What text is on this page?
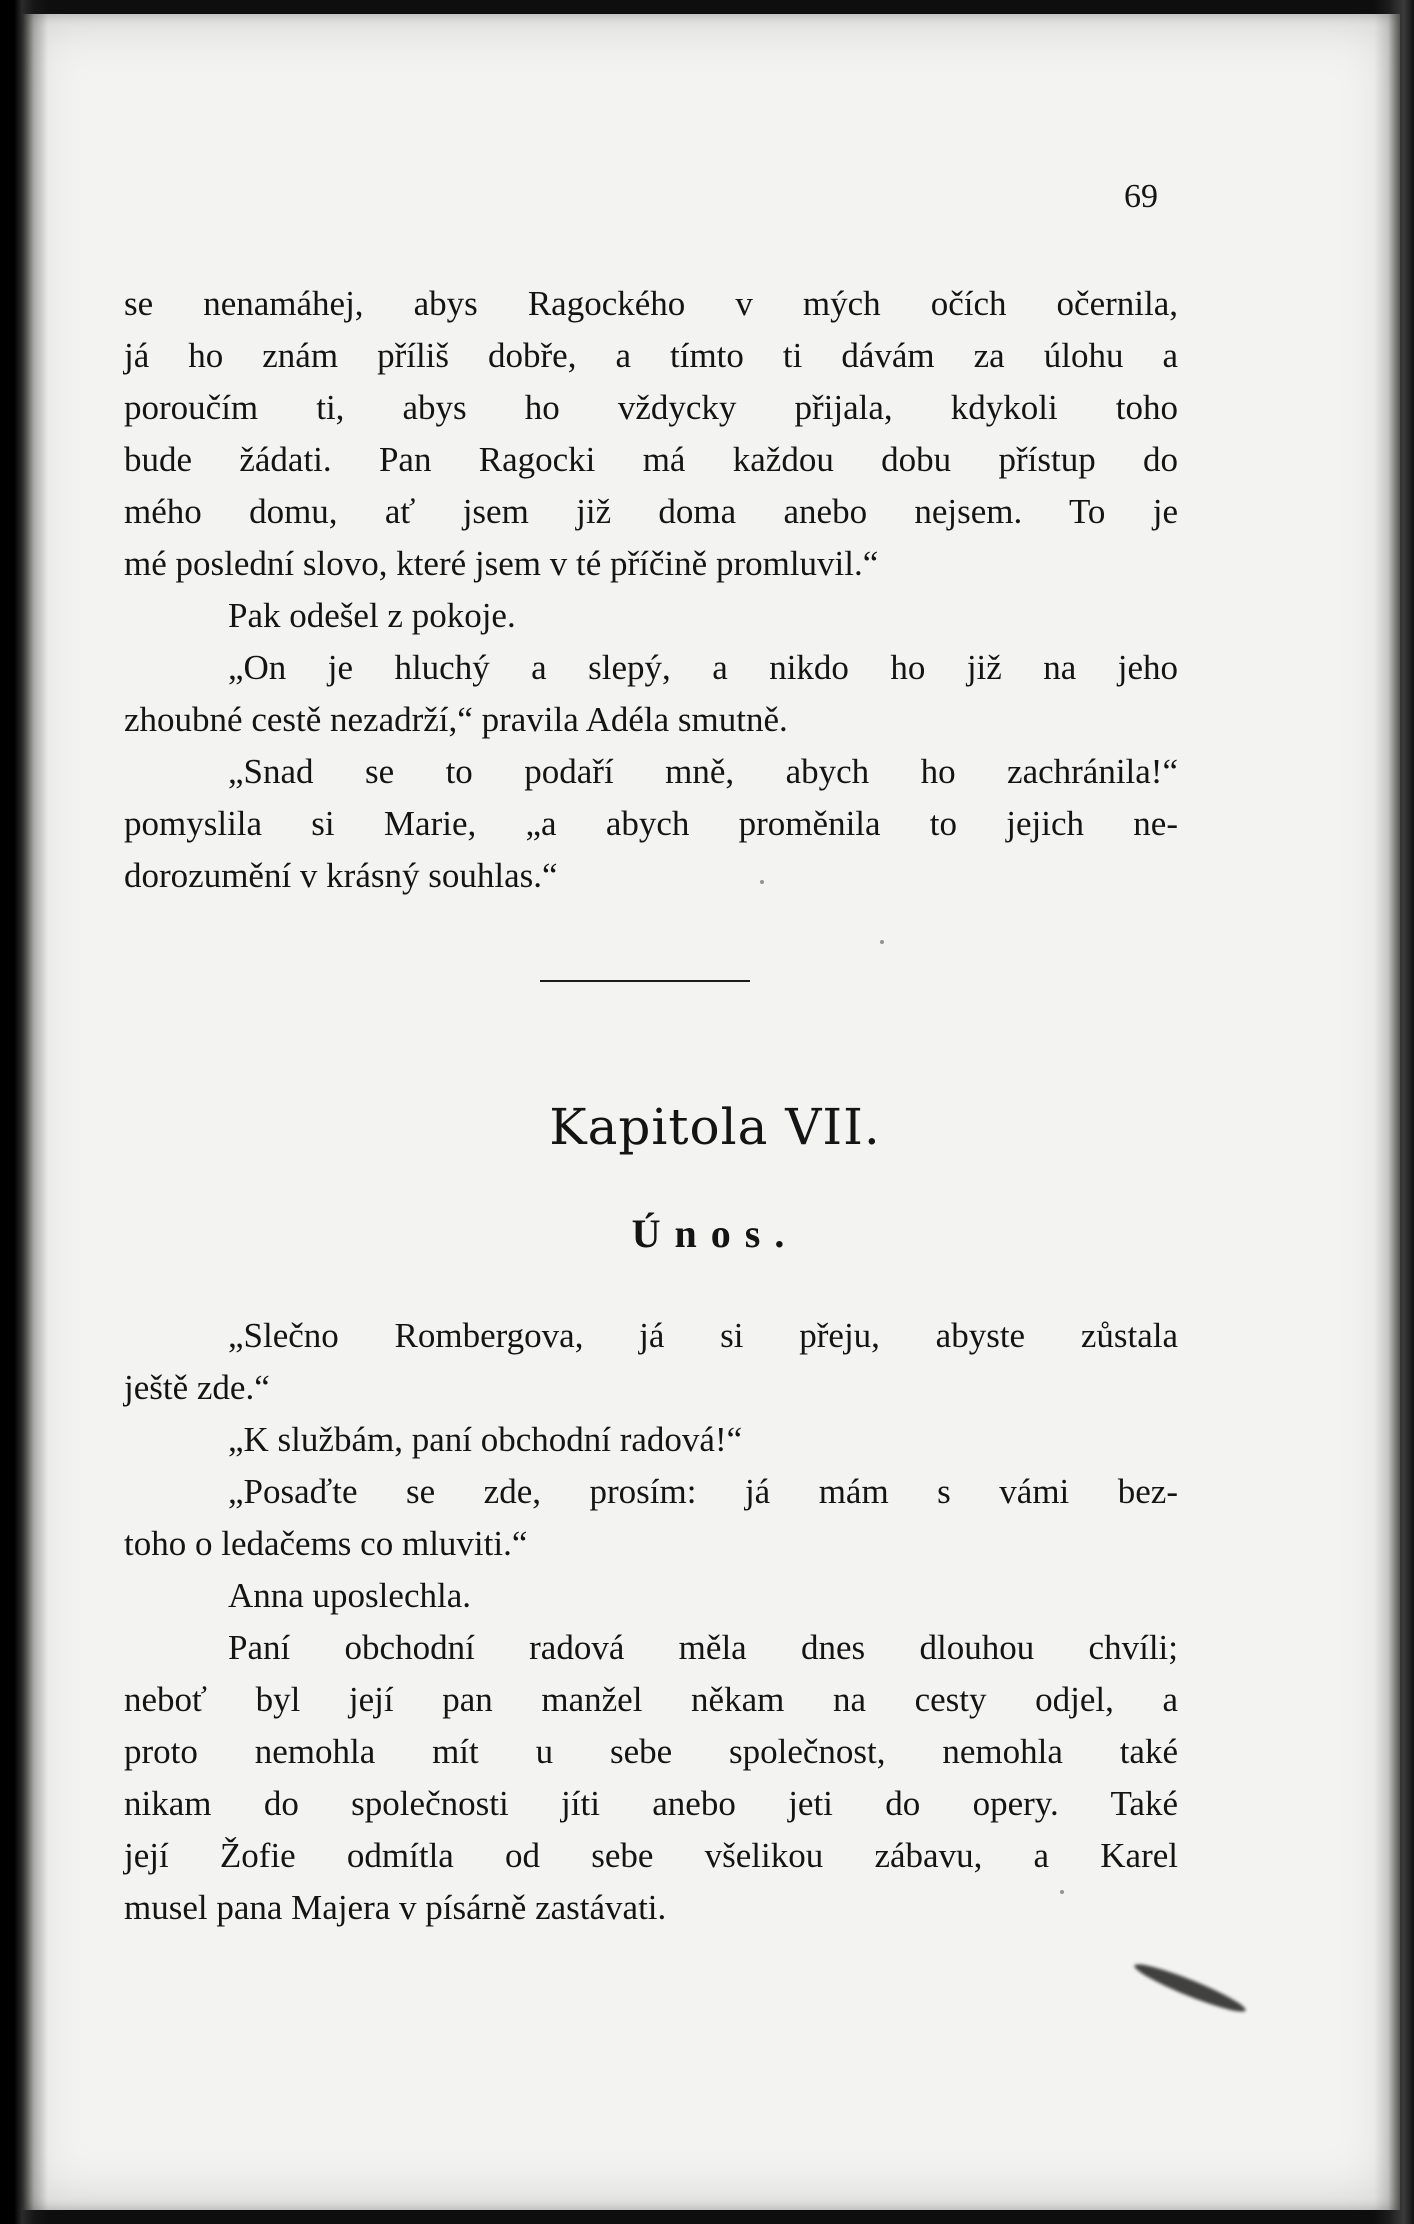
69
se nenamáhej, abys Ragockého v mých očích očernila,
já ho znám příliš dobře, a tímto ti dávám za úlohu a
poroučím ti, abys ho vždycky přijala, kdykoli toho
bude žádati. Pan Ragocki má každou dobu přístup do
mého domu, ať jsem již doma anebo nejsem. To je
mé poslední slovo, které jsem v té příčině promluvil.“
Pak odešel z pokoje.
„On je hluchý a slepý, a nikdo ho již na jeho
zhoubné cestě nezadrží,“ pravila Adéla smutně.
„Snad se to podaří mně, abych ho zachránila!“
pomyslila si Marie, „a abych proměnila to jejich ne-
dorozumění v krásný souhlas.“
Kapitola VII.
Únos.
„Slečno Rombergova, já si přeju, abyste zůstala
ještě zde.“
„K službám, paní obchodní radová!“
„Posaďte se zde, prosím: já mám s vámi bez-
toho o ledačems co mluviti.“
Anna uposlechla.
Paní obchodní radová měla dnes dlouhou chvíli;
neboť byl její pan manžel někam na cesty odjel, a
proto nemohla mít u sebe společnost, nemohla také
nikam do společnosti jíti anebo jeti do opery. Také
její Žofie odmítla od sebe všelikou zábavu, a Karel
musel pana Majera v písárně zastávati.
